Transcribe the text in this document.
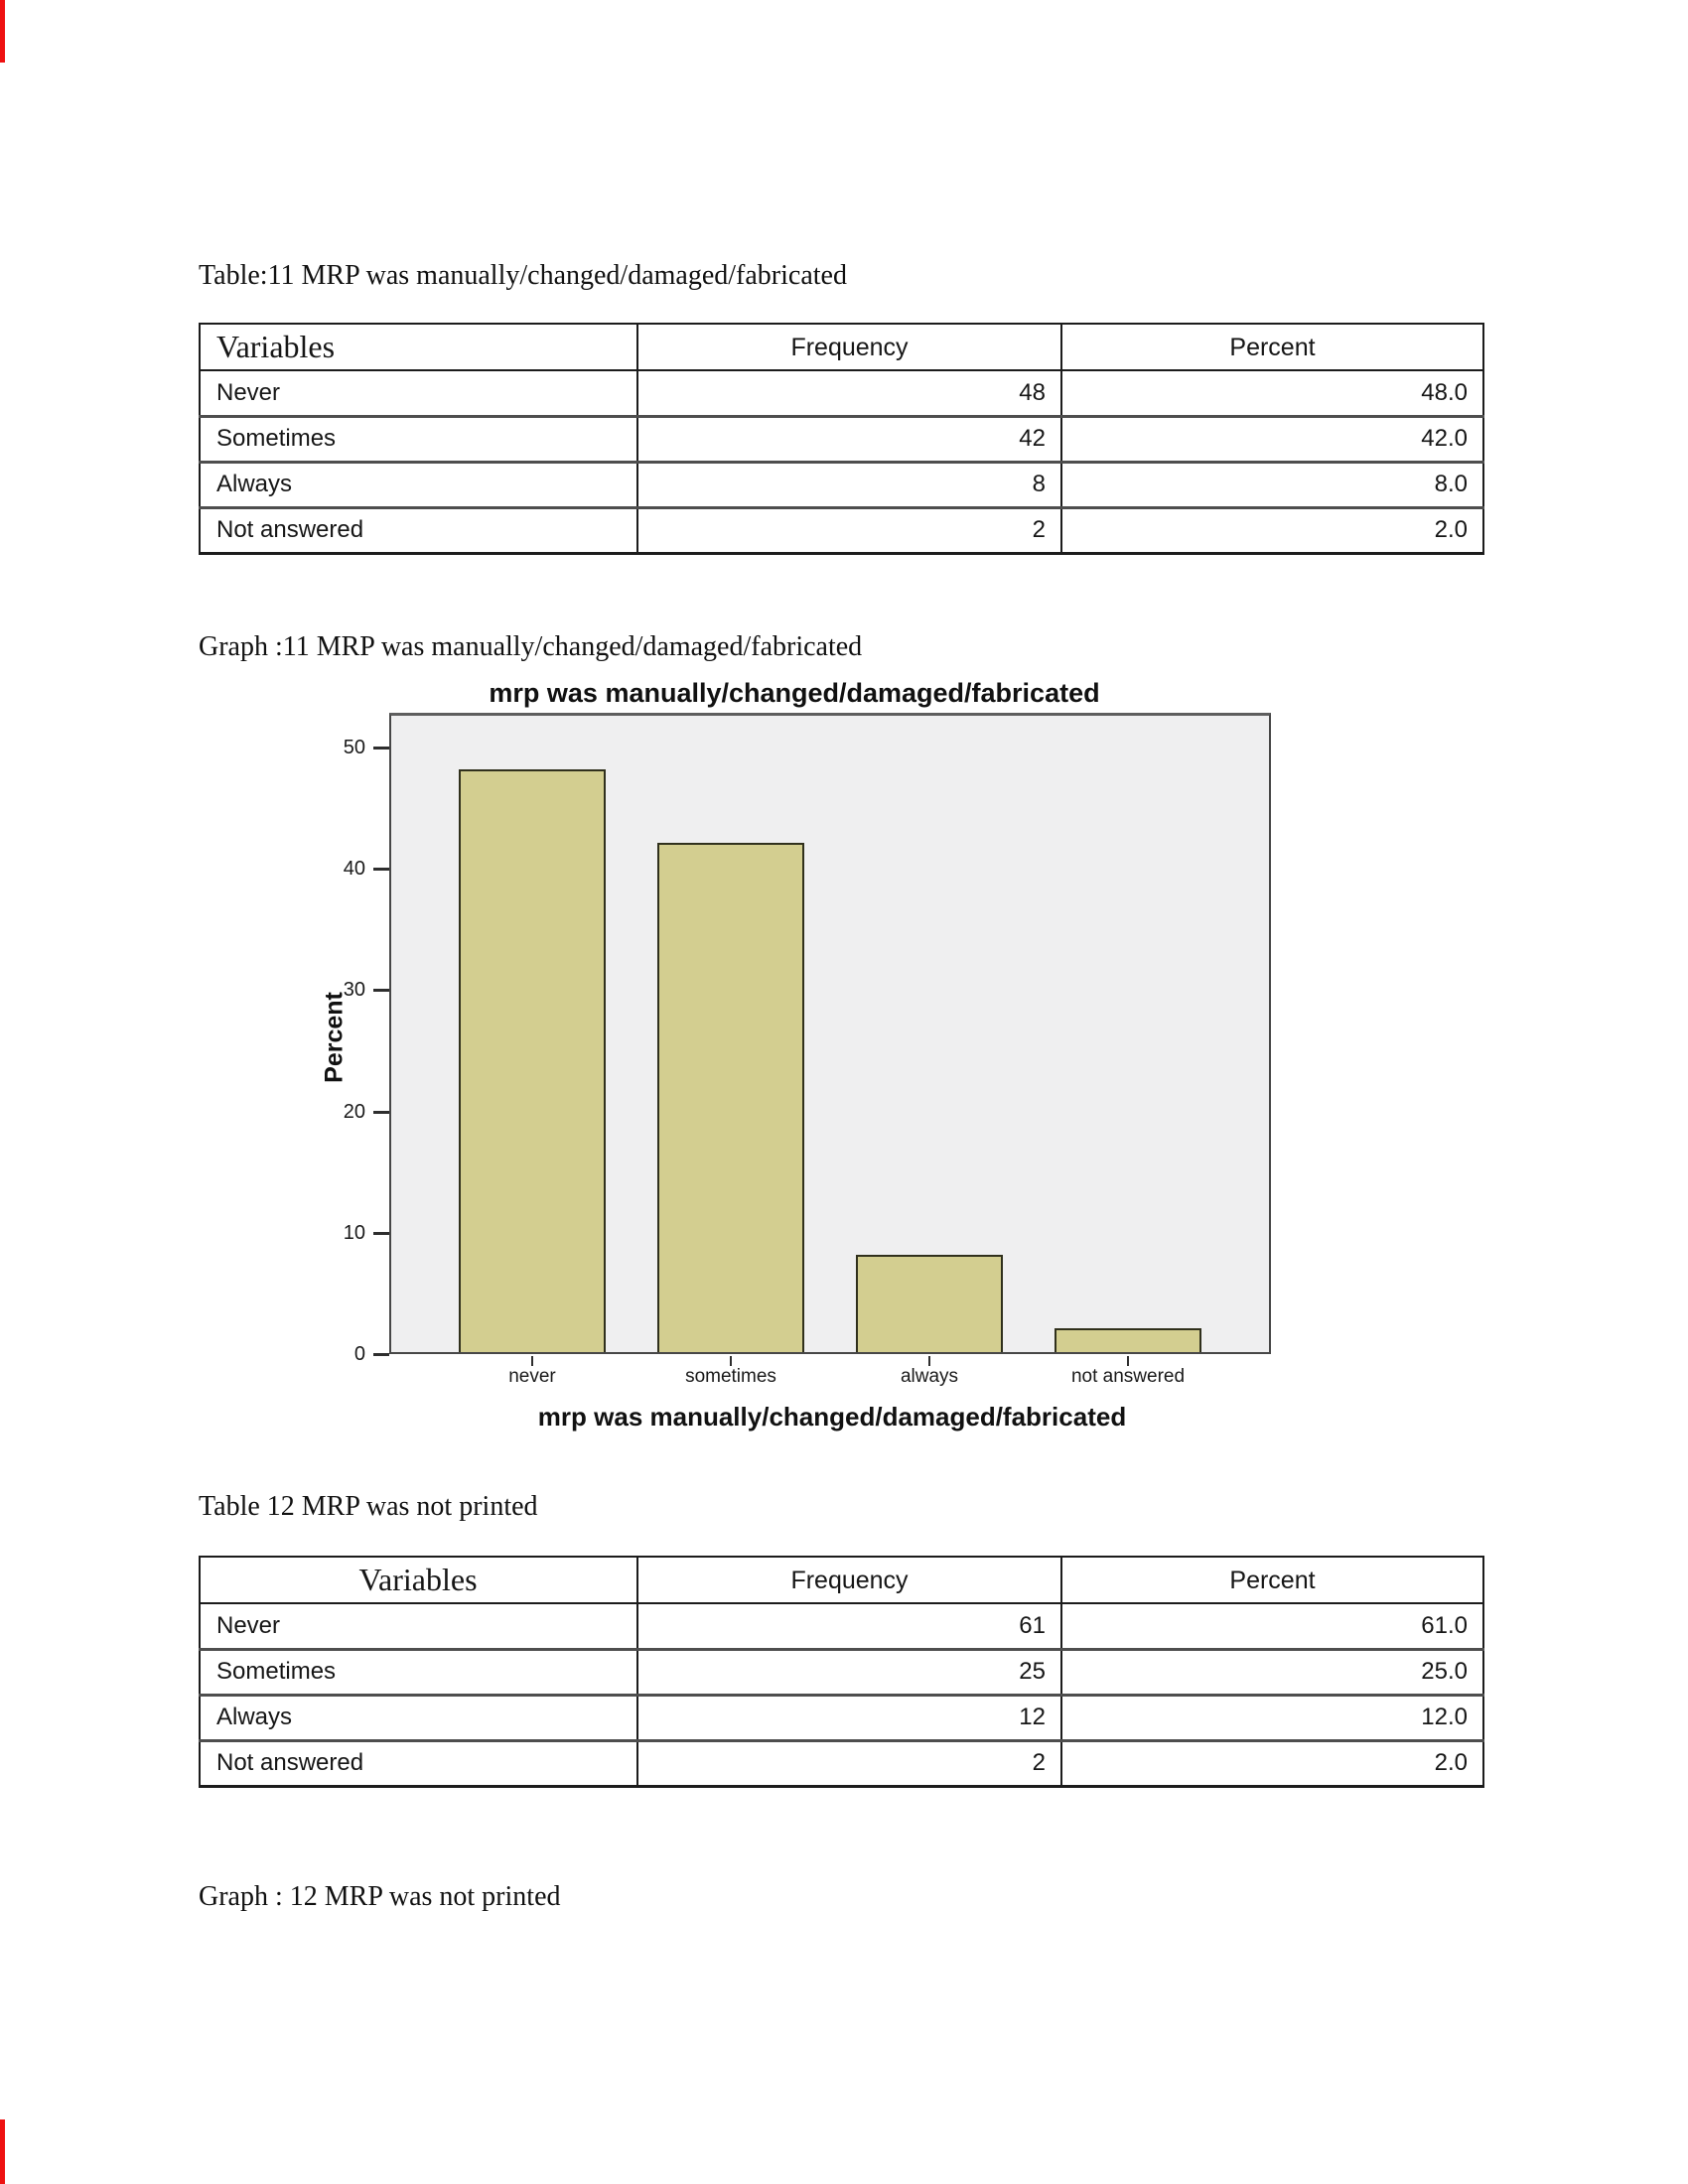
Table:11 MRP was manually/changed/damaged/fabricated
Variables	Frequency	Percent
Never	48	48.0
Sometimes	42	42.0
Always	8	8.0
Not answered	2	2.0
Graph :11 MRP was manually/changed/damaged/fabricated
mrp was manually/changed/damaged/fabricated
Percent
mrp was manually/changed/damaged/fabricated
0
10
20
30
40
50
never	sometimes	always	not answered
Table 12 MRP was not printed
Variables	Frequency	Percent
Never	61	61.0
Sometimes	25	25.0
Always	12	12.0
Not answered	2	2.0
Graph : 12 MRP was not printed
